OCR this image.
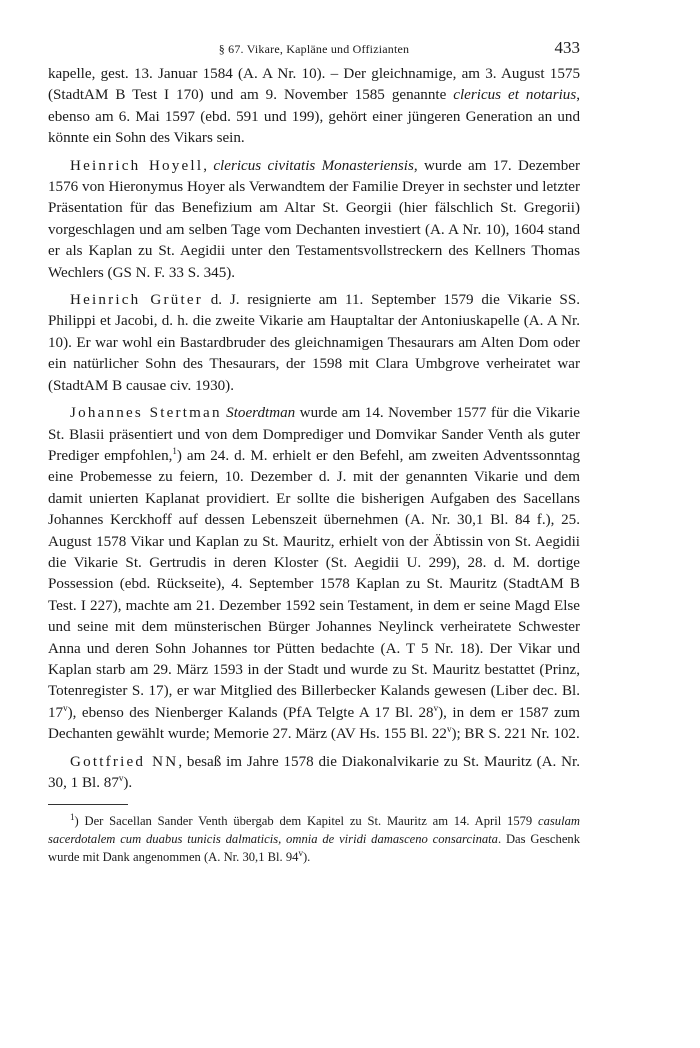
§ 67. Vikare, Kapläne und Offizianten	433

kapelle, gest. 13. Januar 1584 (A. A Nr. 10). – Der gleichnamige, am 3. August 1575 (StadtAM B Test I 170) und am 9. November 1585 genannte clericus et notarius, ebenso am 6. Mai 1597 (ebd. 591 und 199), gehört einer jüngeren Generation an und könnte ein Sohn des Vikars sein.

Heinrich Hoyell, clericus civitatis Monasteriensis, wurde am 17. Dezember 1576 von Hieronymus Hoyer als Verwandtem der Familie Dreyer in sechster und letzter Präsentation für das Benefizium am Altar St. Georgii (hier fälschlich St. Gregorii) vorgeschlagen und am selben Tage vom Dechanten investiert (A. A Nr. 10), 1604 stand er als Kaplan zu St. Aegidii unter den Testamentsvollstreckern des Kellners Thomas Wechlers (GS N. F. 33 S. 345).

Heinrich Grüter d. J. resignierte am 11. September 1579 die Vikarie SS. Philippi et Jacobi, d. h. die zweite Vikarie am Hauptaltar der Antoniuskapelle (A. A Nr. 10). Er war wohl ein Bastardbruder des gleichnamigen Thesaurars am Alten Dom oder ein natürlicher Sohn des Thesaurars, der 1598 mit Clara Umbgrove verheiratet war (StadtAM B causae civ. 1930).

Johannes Stertman Stoerdtman wurde am 14. November 1577 für die Vikarie St. Blasii präsentiert und von dem Domprediger und Domvikar Sander Venth als guter Prediger empfohlen,$^1$) am 24. d. M. erhielt er den Befehl, am zweiten Adventssonntag eine Probemesse zu feiern, 10. Dezember d. J. mit der genannten Vikarie und dem damit unierten Kaplanat providiert. Er sollte die bisherigen Aufgaben des Sacellans Johannes Kerckhoff auf dessen Lebenszeit übernehmen (A. Nr. 30,1 Bl. 84 f.), 25. August 1578 Vikar und Kaplan zu St. Mauritz, erhielt von der Äbtissin von St. Aegidii die Vikarie St. Gertrudis in deren Kloster (St. Aegidii U. 299), 28. d. M. dortige Possession (ebd. Rückseite), 4. September 1578 Kaplan zu St. Mauritz (StadtAM B Test. I 227), machte am 21. Dezember 1592 sein Testament, in dem er seine Magd Else und seine mit dem münsterischen Bürger Johannes Neylinck verheiratete Schwester Anna und deren Sohn Johannes tor Pütten bedachte (A. T 5 Nr. 18). Der Vikar und Kaplan starb am 29. März 1593 in der Stadt und wurde zu St. Mauritz bestattet (Prinz, Totenregister S. 17), er war Mitglied des Billerbecker Kalands gewesen (Liber dec. Bl. 17$^v$), ebenso des Nienberger Kalands (PfA Telgte A 17 Bl. 28$^v$), in dem er 1587 zum Dechanten gewählt wurde; Memorie 27. März (AV Hs. 155 Bl. 22$^v$); BR S. 221 Nr. 102.

Gottfried NN, besaß im Jahre 1578 die Diakonalvikarie zu St. Mauritz (A. Nr. 30, 1 Bl. 87$^v$).

$^1$) Der Sacellan Sander Venth übergab dem Kapitel zu St. Mauritz am 14. April 1579 casulam sacerdotalem cum duabus tunicis dalmaticis, omnia de viridi damasceno consarcinata. Das Geschenk wurde mit Dank angenommen (A. Nr. 30,1 Bl. 94$^v$).
